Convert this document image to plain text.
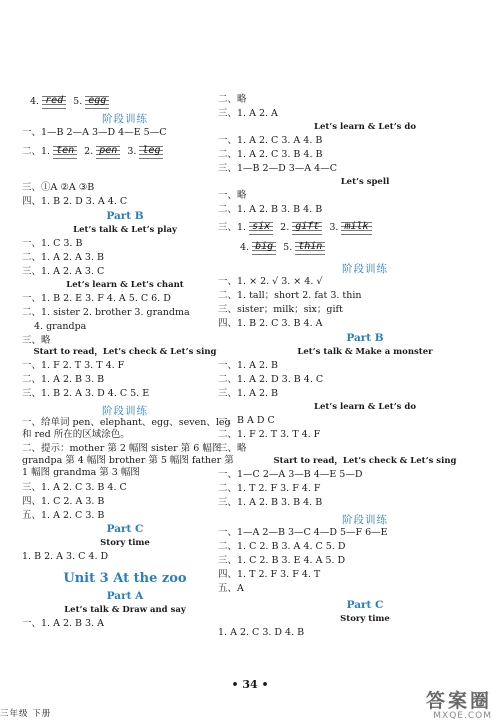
4. red 5. egg
阶段训练
一、1—B 2—A 3—D 4—E 5—C
二、1. ten 2. pen 3. leg
三、①A ②A ③B
四、1. B 2. D 3. A 4. C
Part B
Let’s talk & Let’s play
一、1. C 3. B
二、1. A 2. A 3. B
三、1. A 2. A 3. C
Let’s learn & Let’s chant
一、1. B 2. E 3. F 4. A 5. C 6. D
二、1. sister 2. brother 3. grandma
4. grandpa
三、略
Start to read，Let’s check & Let’s sing
一、1. F 2. T 3. T 4. F
二、1. A 2. B 3. B
三、1. B 2. A 3. D 4. C 5. E
阶段训练
一、给单词 pen、elephant、egg、seven、leg 和 red 所在的区域涂色。
二、提示：mother 第 2 幅图 sister 第 6 幅图 grandpa 第 4 幅图 brother 第 5 幅图 father 第 1 幅图 grandma 第 3 幅图
三、1. A 2. C 3. B 4. C
四、1. C 2. A 3. B
五、1. A 2. C 3. B
Part C
Story time
1. B 2. A 3. C 4. D
Unit 3 At the zoo
Part A
Let’s talk & Draw and say
一、1. A 2. B 3. A
二、略
三、1. A 2. A
Let’s learn & Let’s do
一、1. A 2. C 3. A 4. B
二、1. A 2. C 3. B 4. B
三、1—B 2—D 3—A 4—C
Let’s spell
一、略
二、1. A 2. B 3. B 4. B
三、1. six 2. gift 3. milk
4. big 5. thin
阶段训练
一、1. × 2. √ 3. × 4. √
二、1. tall；short 2. fat 3. thin
三、sister；milk；six；gift
四、1. B 2. C 3. B 4. A
Part B
Let’s talk & Make a monster
一、1. A 2. B
二、1. A 2. D 3. B 4. C
三、1. A 2. B
Let’s learn & Let’s do
一、B A D C
二、1. F 2. T 3. T 4. F
三、略
Start to read，Let’s check & Let’s sing
一、1—C 2—A 3—B 4—E 5—D
二、1. T 2. F 3. F 4. F
三、1. A 2. B 3. B 4. B
阶段训练
一、1—A 2—B 3—C 4—D 5—F 6—E
二、1. C 2. B 3. A 4. C 5. D
三、1. C 2. B 3. E 4. A 5. D
四、1. T 2. F 3. F 4. T
五、A
Part C
Story time
1. A 2. C 3. D 4. B
• 34 •
三年级 下册
答案圈
MXQE.COM
